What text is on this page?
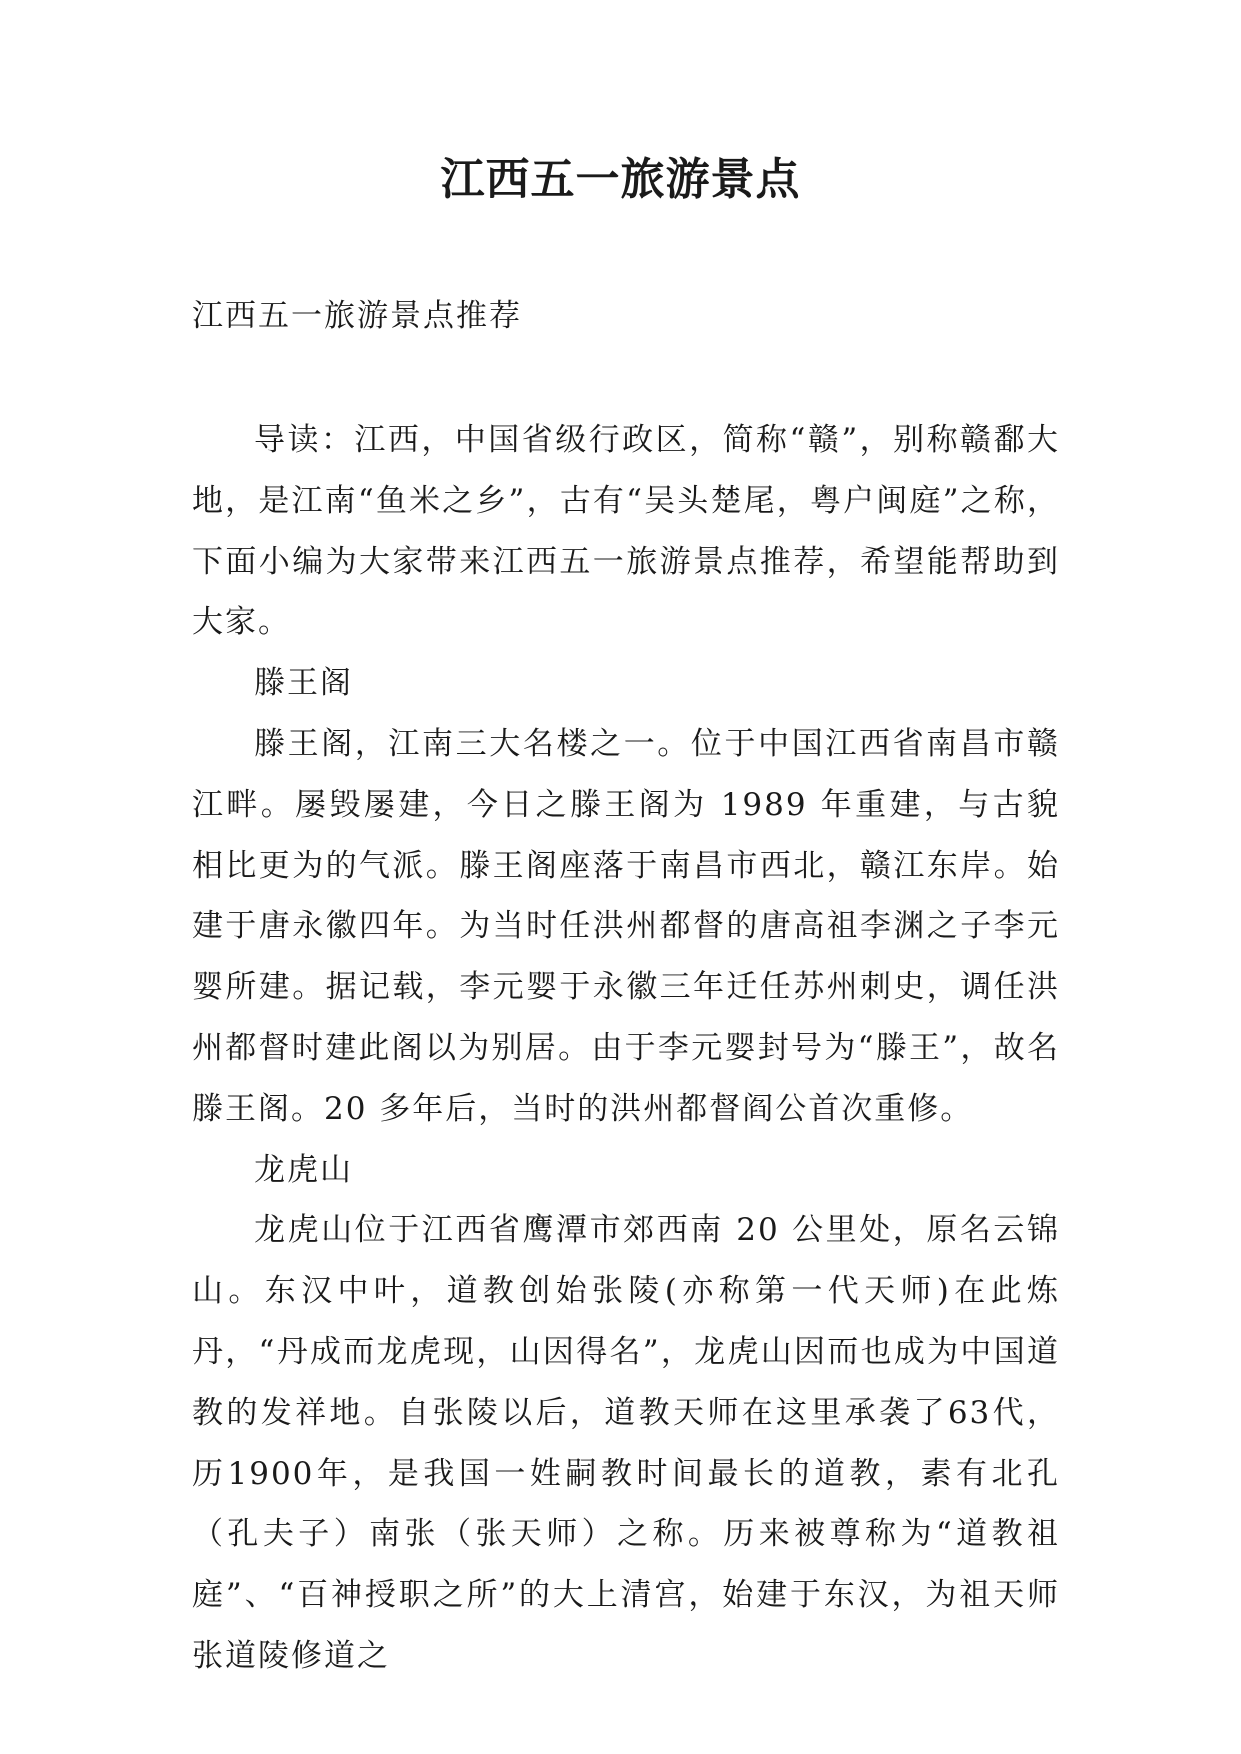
江西五一旅游景点
江西五一旅游景点推荐

导读：江西，中国省级行政区，简称“赣”，别称赣鄱大地，是江南“鱼米之乡”，古有“吴头楚尾，粤户闽庭”之称，下面小编为大家带来江西五一旅游景点推荐，希望能帮助到大家。

滕王阁

滕王阁，江南三大名楼之一。位于中国江西省南昌市赣江畔。屡毁屡建，今日之滕王阁为 1989 年重建，与古貌相比更为的气派。滕王阁座落于南昌市西北，赣江东岸。始建于唐永徽四年。为当时任洪州都督的唐高祖李渊之子李元婴所建。据记载，李元婴于永徽三年迁任苏州刺史，调任洪州都督时建此阁以为别居。由于李元婴封号为“滕王”，故名滕王阁。20 多年后，当时的洪州都督阎公首次重修。

龙虎山

龙虎山位于江西省鹰潭市郊西南 20 公里处，原名云锦山。东汉中叶，道教创始张陵(亦称第一代天师)在此炼丹，“丹成而龙虎现，山因得名”，龙虎山因而也成为中国道教的发祥地。自张陵以后，道教天师在这里承袭了63代，历1900年，是我国一姓嗣教时间最长的道教，素有北孔（孔夫子）南张（张天师）之称。历来被尊称为“道教祖庭”、“百神授职之所”的大上清宫，始建于东汉，为祖天师张道陵修道之
